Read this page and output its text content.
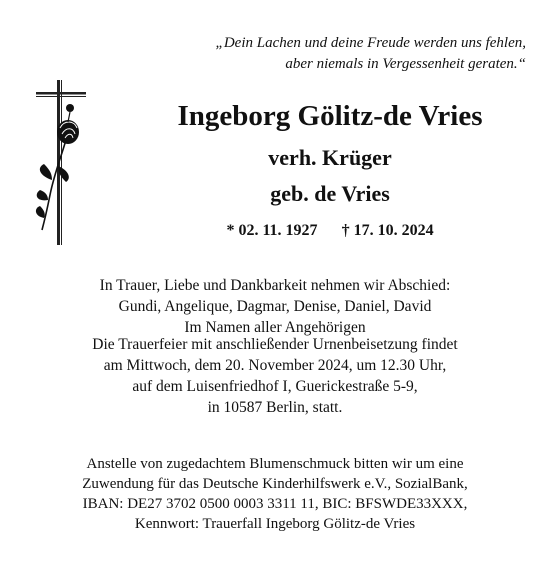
„Dein Lachen und deine Freude werden uns fehlen,
aber niemals in Vergessenheit geraten.“
Ingeborg Gölitz-de Vries
verh. Krüger
geb. de Vries
* 02. 11. 1927 † 17. 10. 2024
In Trauer, Liebe und Dankbarkeit nehmen wir Abschied:
Gundi, Angelique, Dagmar, Denise, Daniel, David
Im Namen aller Angehörigen
Die Trauerfeier mit anschließender Urnenbeisetzung findet
am Mittwoch, dem 20. November 2024, um 12.30 Uhr,
auf dem Luisenfriedhof I, Guerickestraße 5-9,
in 10587 Berlin, statt.
Anstelle von zugedachtem Blumenschmuck bitten wir um eine
Zuwendung für das Deutsche Kinderhilfswerk e.V., SozialBank,
IBAN: DE27 3702 0500 0003 3311 11, BIC: BFSWDE33XXX,
Kennwort: Trauerfall Ingeborg Gölitz-de Vries
